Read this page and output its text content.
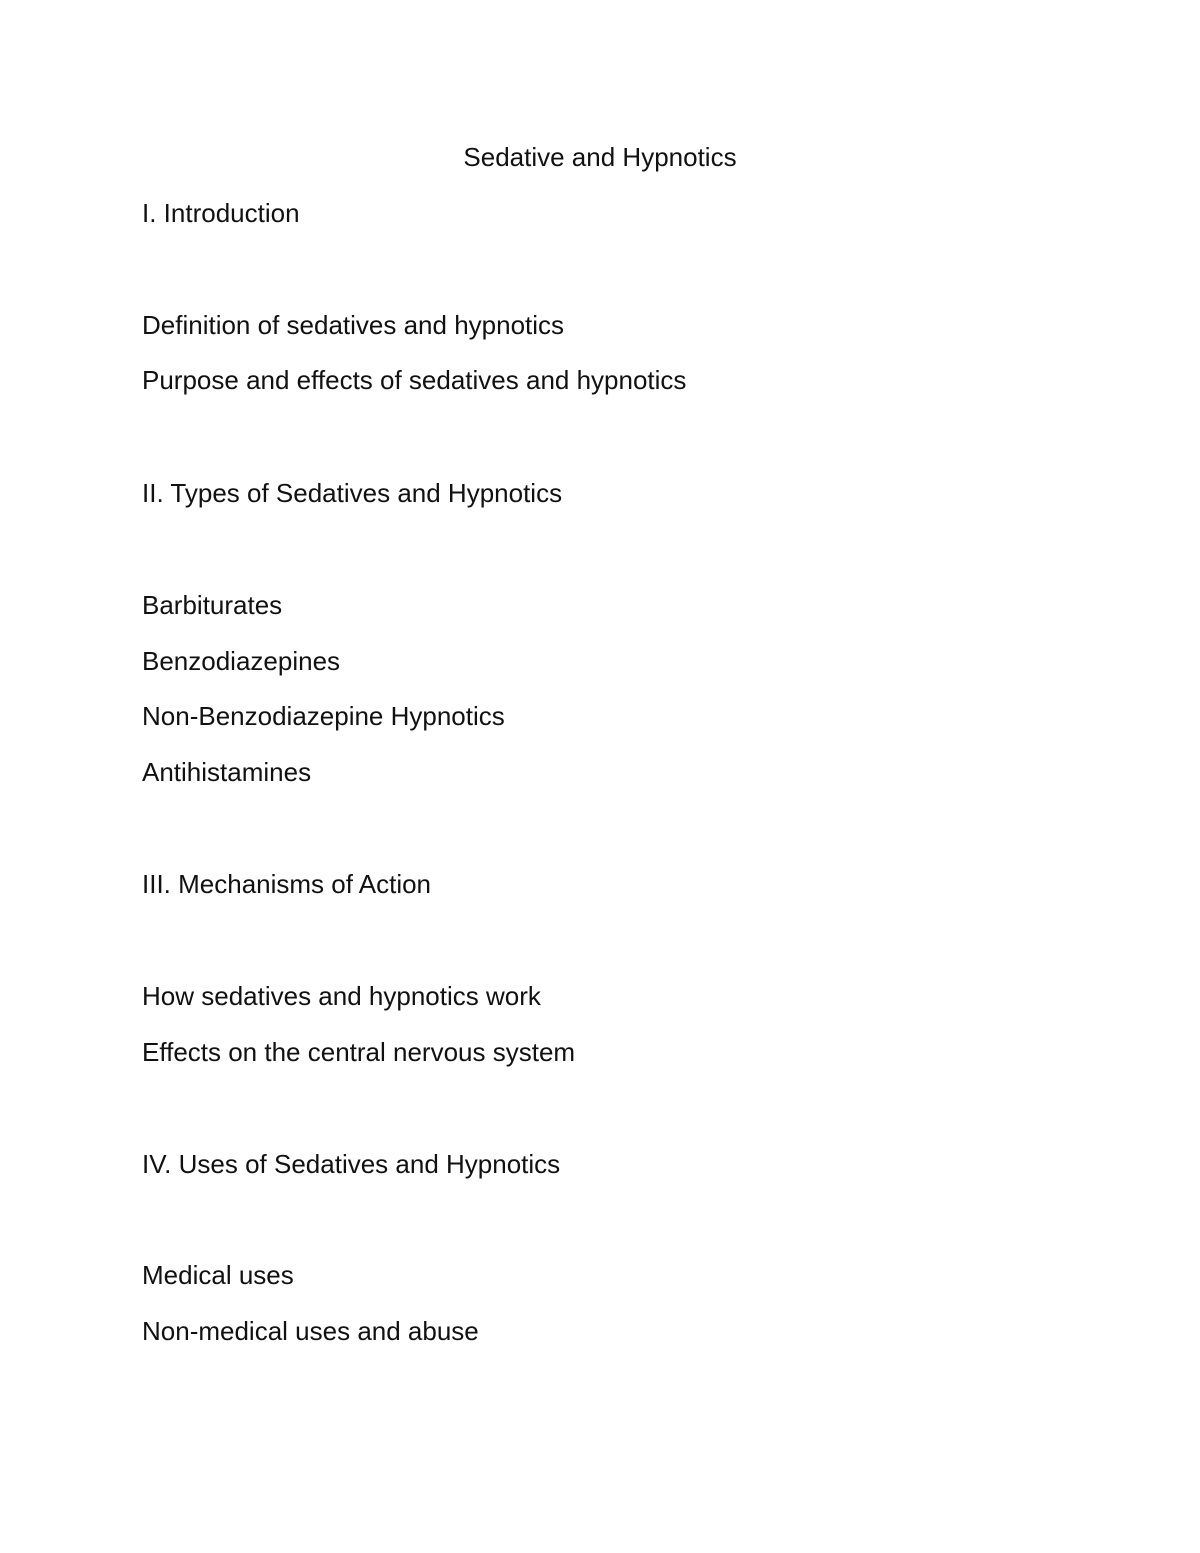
Sedative and Hypnotics
I. Introduction
Definition of sedatives and hypnotics
Purpose and effects of sedatives and hypnotics
II. Types of Sedatives and Hypnotics
Barbiturates
Benzodiazepines
Non-Benzodiazepine Hypnotics
Antihistamines
III. Mechanisms of Action
How sedatives and hypnotics work
Effects on the central nervous system
IV. Uses of Sedatives and Hypnotics
Medical uses
Non-medical uses and abuse
